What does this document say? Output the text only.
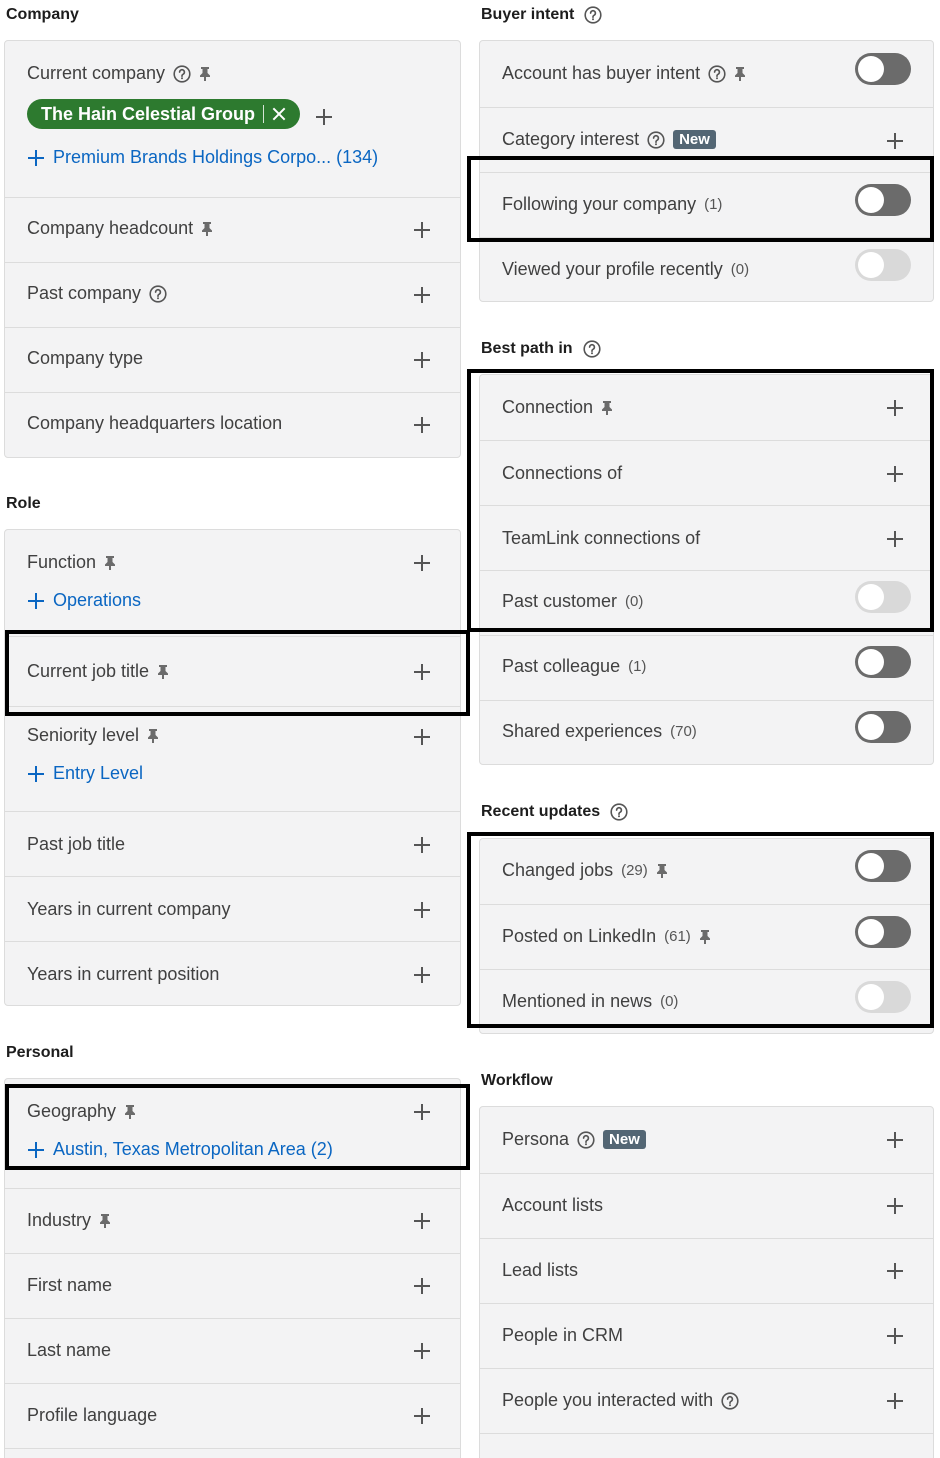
Company
Current company
The Hain Celestial Group
Premium Brands Holdings Corpo... (134)
Company headcount
Past company
Company type
Company headquarters location
Role
Function
Operations
Current job title
Seniority level
Entry Level
Past job title
Years in current company
Years in current position
Personal
Geography
Austin, Texas Metropolitan Area (2)
Industry
First name
Last name
Profile language
Buyer intent
Account has buyer intent
Category interest	New
Following your company (1)
Viewed your profile recently (0)
Best path in
Connection
Connections of
TeamLink connections of
Past customer (0)
Past colleague (1)
Shared experiences (70)
Recent updates
Changed jobs (29)
Posted on LinkedIn (61)
Mentioned in news (0)
Workflow
Persona	New
Account lists
Lead lists
People in CRM
People you interacted with
